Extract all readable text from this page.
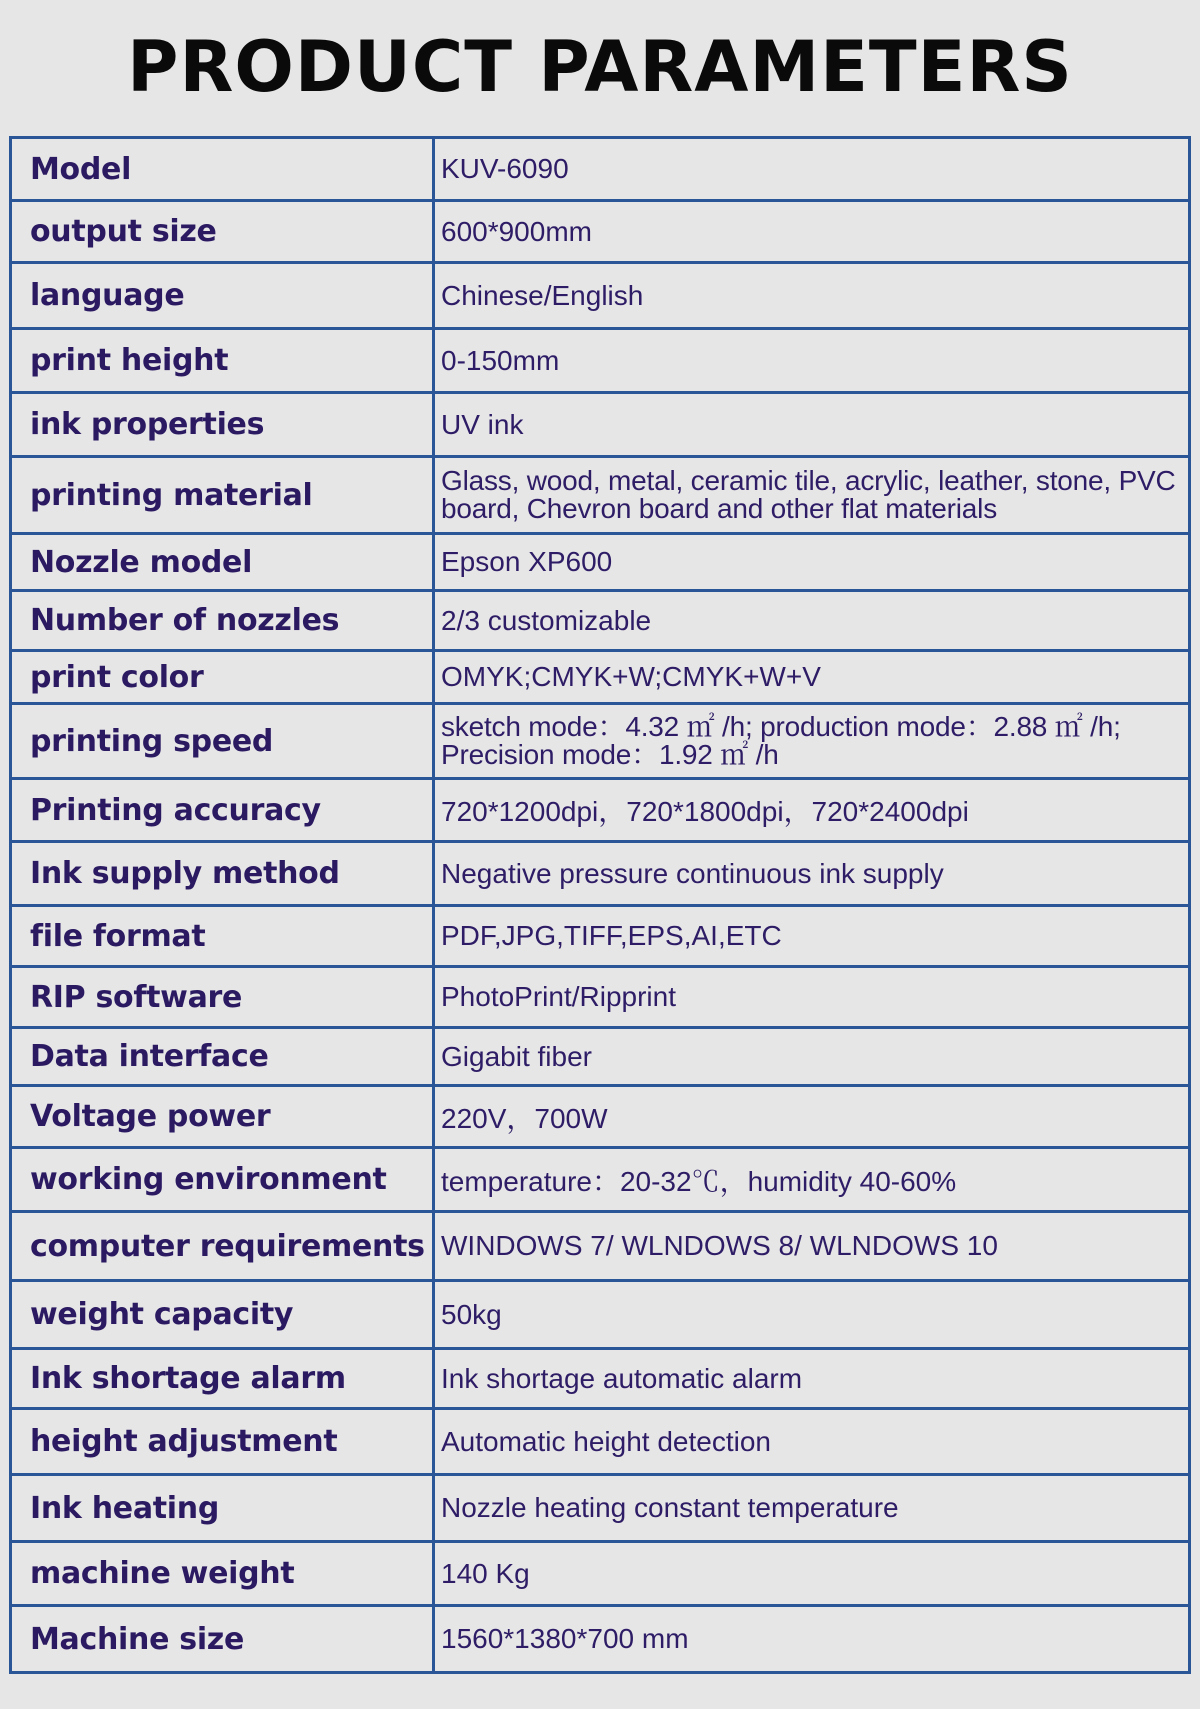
PRODUCT PARAMETERS
Model	KUV-6090
output size	600*900mm
language	Chinese/English
print height	0-150mm
ink properties	UV ink
printing material	Glass, wood, metal, ceramic tile, acrylic, leather, stone, PVC board, Chevron board and other flat materials
Nozzle model	Epson XP600
Number of nozzles	2/3 customizable
print color	OMYK;CMYK+W;CMYK+W+V
printing speed	sketch mode：4.32 ㎡ /h; production mode：2.88 ㎡ /h; Precision mode：1.92 ㎡ /h
Printing accuracy	720*1200dpi，720*1800dpi，720*2400dpi
Ink supply method	Negative pressure continuous ink supply
file format	PDF,JPG,TIFF,EPS,AI,ETC
RIP software	PhotoPrint/Ripprint
Data interface	Gigabit fiber
Voltage power	220V，700W
working environment	temperature：20-32℃，humidity 40-60%
computer requirements	WINDOWS 7/ WLNDOWS 8/ WLNDOWS 10
weight capacity	50kg
Ink shortage alarm	Ink shortage automatic alarm
height adjustment	Automatic height detection
Ink heating	Nozzle heating constant temperature
machine weight	140 Kg
Machine size	1560*1380*700 mm
